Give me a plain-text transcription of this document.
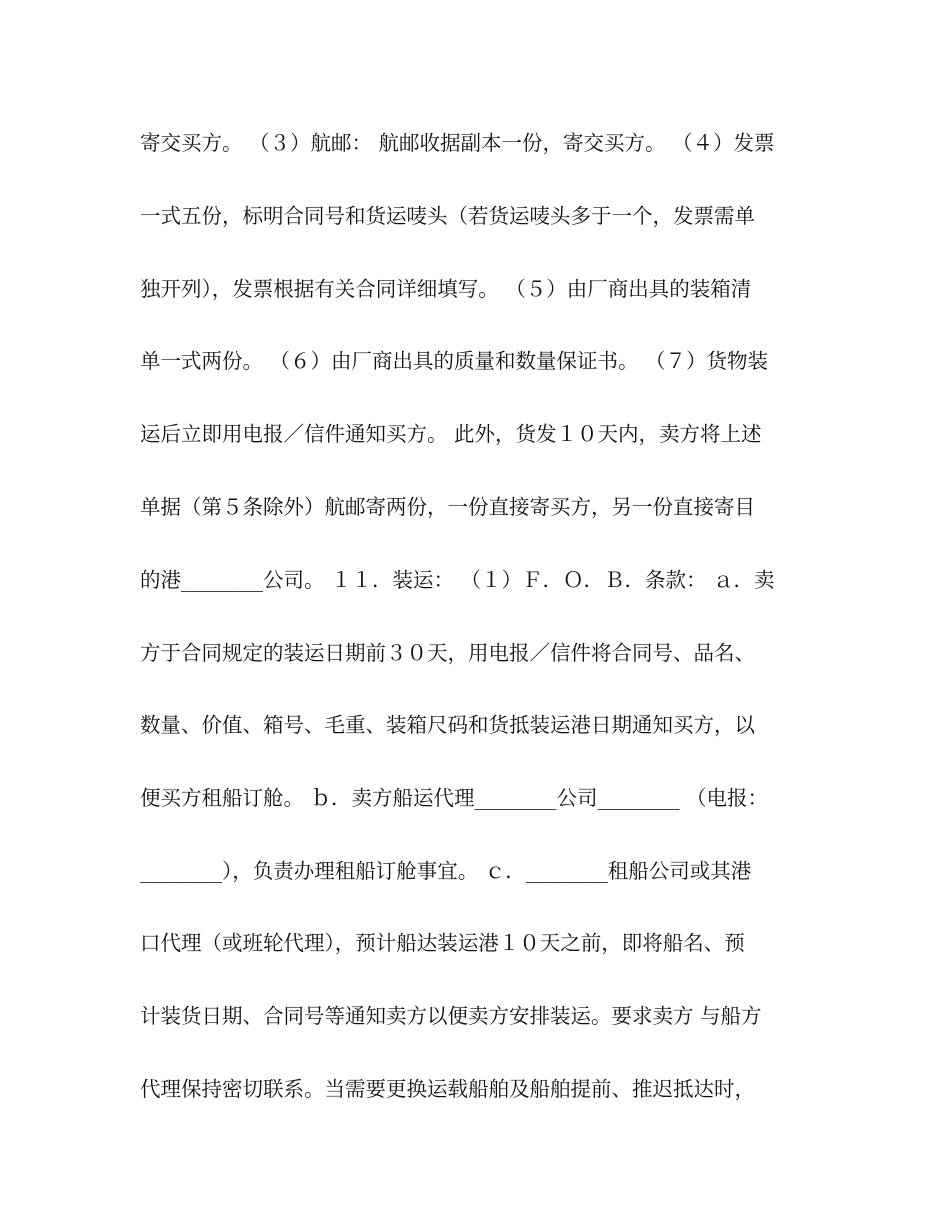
寄交买方。 （３）航邮： 航邮收据副本一份，寄交买方。 （４）发票
一式五份，标明合同号和货运唛头（若货运唛头多于一个，发票需单
独开列），发票根据有关合同详细填写。 （５）由厂商出具的装箱清
单一式两份。 （６）由厂商出具的质量和数量保证书。 （７）货物装
运后立即用电报／信件通知买方。 此外，货发１０天内，卖方将上述
单据（第５条除外）航邮寄两份，一份直接寄买方，另一份直接寄目
的港________公司。 １１．装运： （１）Ｆ．Ｏ．Ｂ．条款： ａ．卖
方于合同规定的装运日期前３０天，用电报／信件将合同号、品名、
数量、价值、箱号、毛重、装箱尺码和货抵装运港日期通知买方，以
便买方租船订舱。 ｂ．卖方船运代理________公司________ （电报：
________），负责办理租船订舱事宜。 ｃ．________租船公司或其港
口代理（或班轮代理），预计船达装运港１０天之前，即将船名、预
计装货日期、合同号等通知卖方以便卖方安排装运。要求卖方 与船方
代理保持密切联系。当需要更换运载船舶及船舶提前、推迟抵达时，
